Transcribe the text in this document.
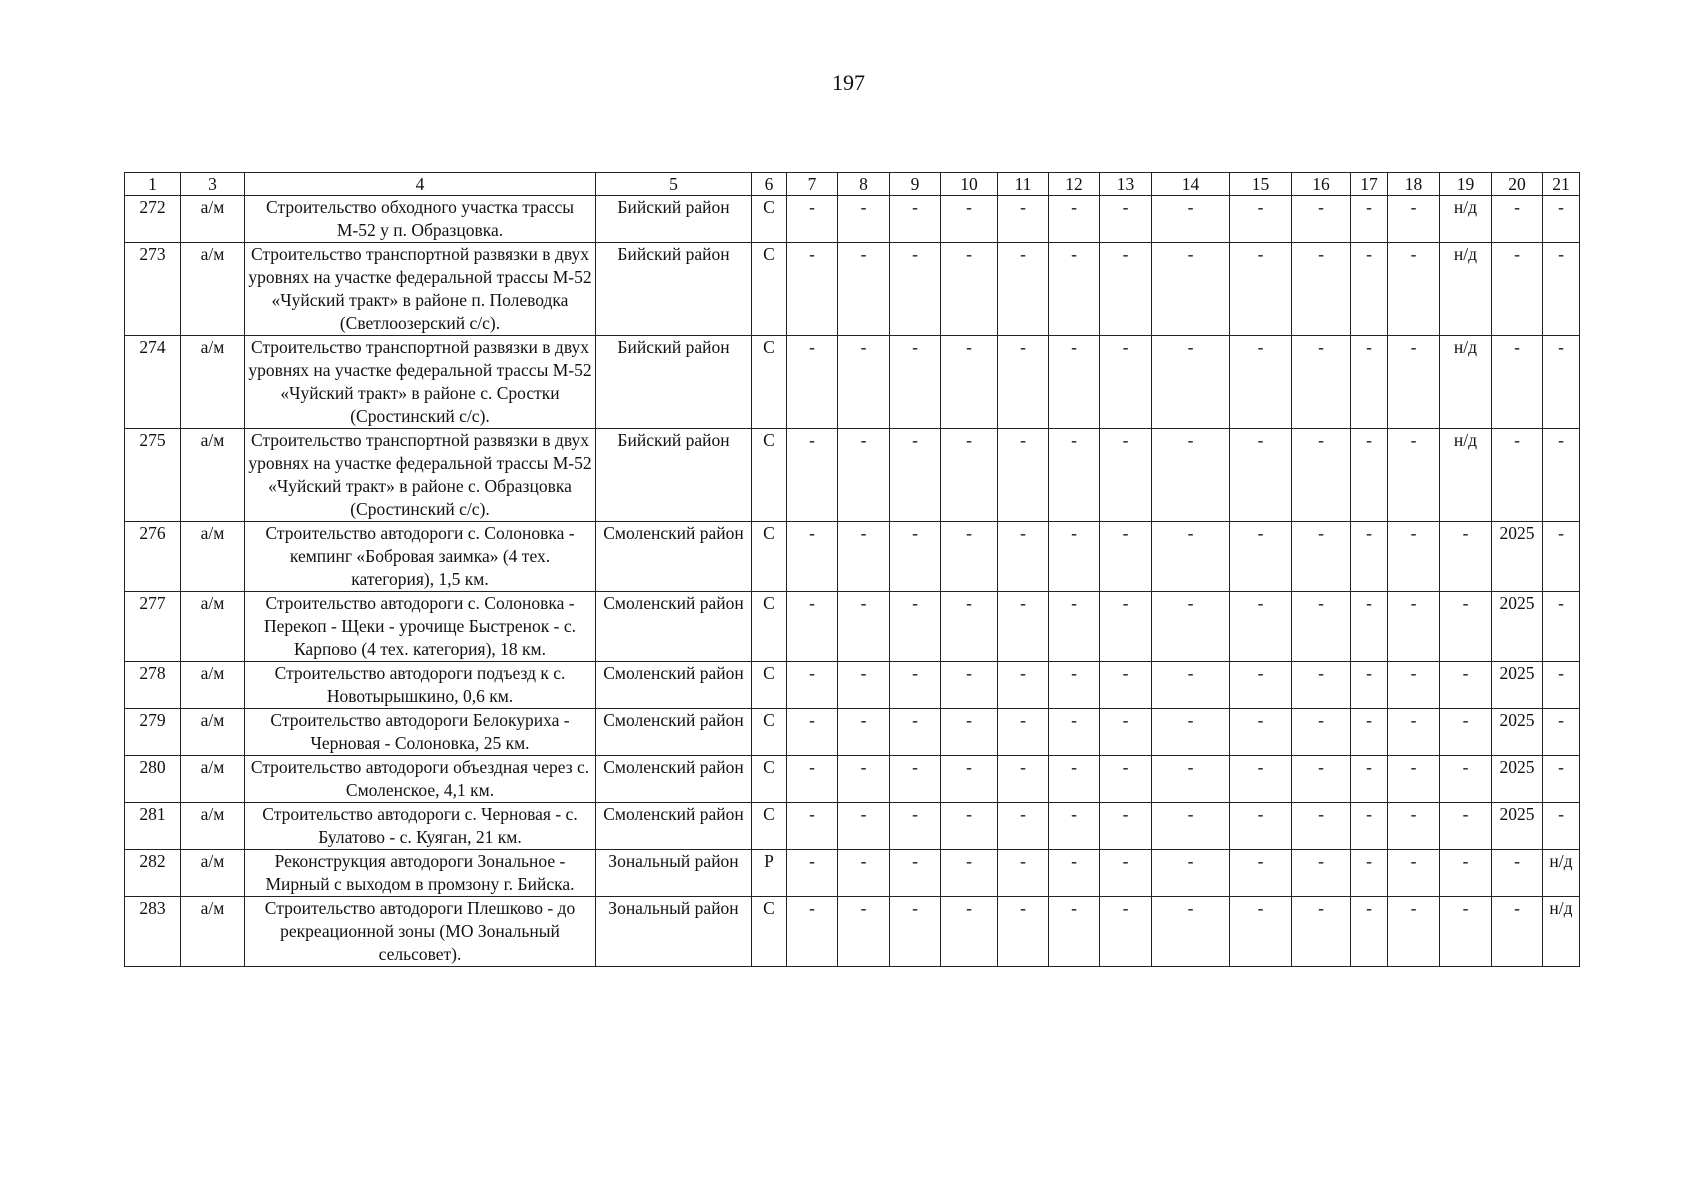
197
1	3	4	5	6	7	8	9	10	11	12	13	14	15	16	17	18	19	20	21
272	а/м	Строительство обходного участка трассы М-52 у п. Образцовка.	Бийский район	С	-	-	-	-	-	-	-	-	-	-	-	-	н/д	-	-
273	а/м	Строительство транспортной развязки в двух уровнях на участке федеральной трассы М-52 «Чуйский тракт» в районе п. Полеводка (Светлоозерский с/с).	Бийский район	С	-	-	-	-	-	-	-	-	-	-	-	-	н/д	-	-
274	а/м	Строительство транспортной развязки в двух уровнях на участке федеральной трассы М-52 «Чуйский тракт» в районе с. Сростки (Сростинский с/с).	Бийский район	С	-	-	-	-	-	-	-	-	-	-	-	-	н/д	-	-
275	а/м	Строительство транспортной развязки в двух уровнях на участке федеральной трассы М-52 «Чуйский тракт» в районе с. Образцовка (Сростинский с/с).	Бийский район	С	-	-	-	-	-	-	-	-	-	-	-	-	н/д	-	-
276	а/м	Строительство автодороги с. Солоновка - кемпинг «Бобровая заимка» (4 тех. категория), 1,5 км.	Смоленский район	С	-	-	-	-	-	-	-	-	-	-	-	-	-	2025	-
277	а/м	Строительство автодороги с. Солоновка - Перекоп - Щеки - урочище Быстренок - с. Карпово (4 тех. категория), 18 км.	Смоленский район	С	-	-	-	-	-	-	-	-	-	-	-	-	-	2025	-
278	а/м	Строительство автодороги подъезд к с. Новотырышкино, 0,6 км.	Смоленский район	С	-	-	-	-	-	-	-	-	-	-	-	-	-	2025	-
279	а/м	Строительство автодороги Белокуриха - Черновая - Солоновка, 25 км.	Смоленский район	С	-	-	-	-	-	-	-	-	-	-	-	-	-	2025	-
280	а/м	Строительство автодороги объездная через с. Смоленское, 4,1 км.	Смоленский район	С	-	-	-	-	-	-	-	-	-	-	-	-	-	2025	-
281	а/м	Строительство автодороги с. Черновая - с. Булатово - с. Куяган, 21 км.	Смоленский район	С	-	-	-	-	-	-	-	-	-	-	-	-	-	2025	-
282	а/м	Реконструкция автодороги Зональное - Мирный с выходом в промзону г. Бийска.	Зональный район	Р	-	-	-	-	-	-	-	-	-	-	-	-	-	-	н/д
283	а/м	Строительство автодороги Плешково - до рекреационной зоны (МО Зональный сельсовет).	Зональный район	С	-	-	-	-	-	-	-	-	-	-	-	-	-	-	н/д
